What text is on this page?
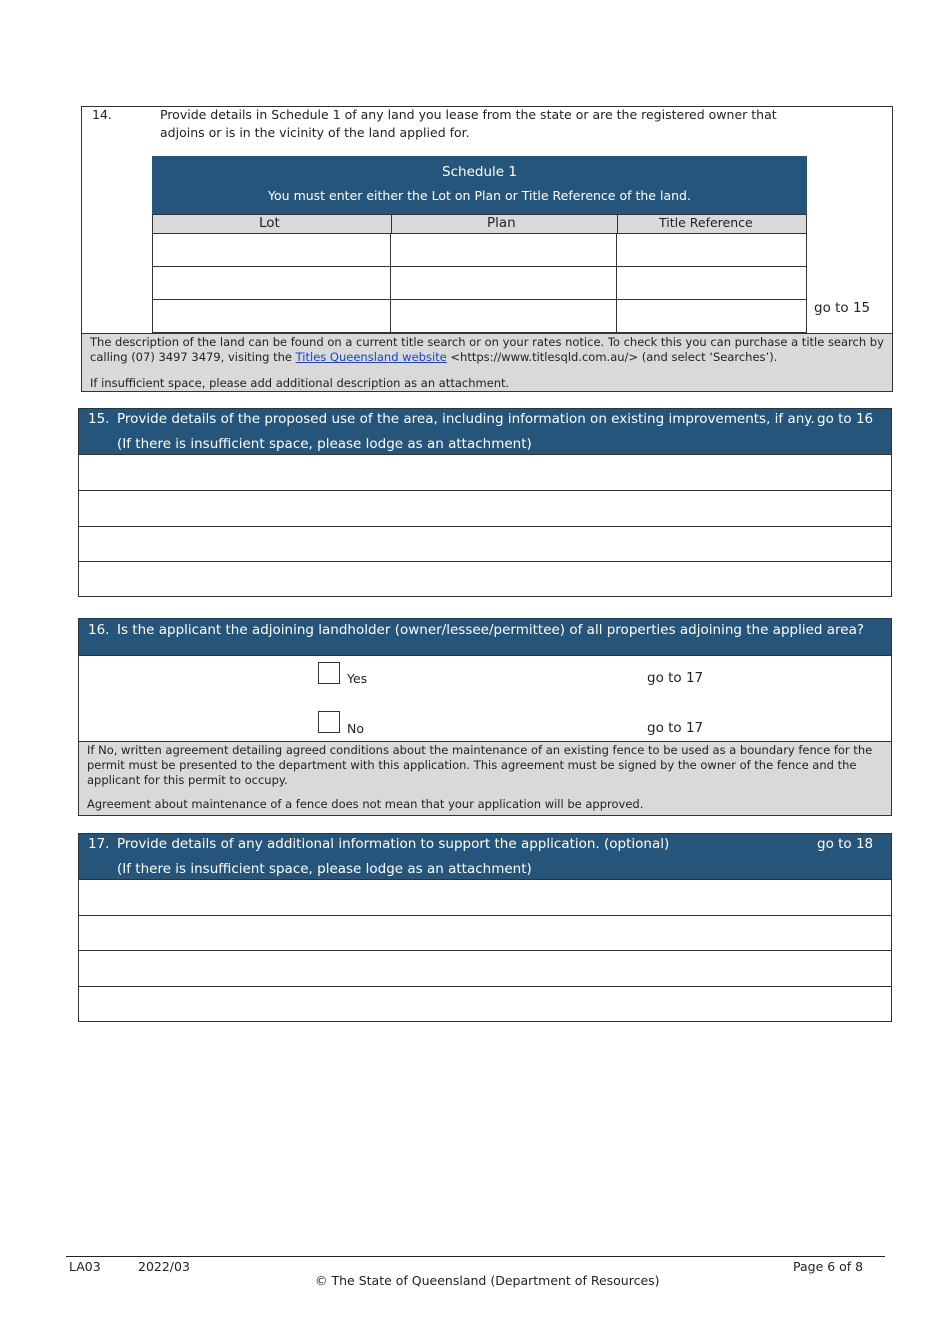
14.	Provide details in Schedule 1 of any land you lease from the state or are the registered owner that
adjoins or is in the vicinity of the land applied for.
Schedule 1
You must enter either the Lot on Plan or Title Reference of the land.
Lot	Plan	Title Reference
go to 15
The description of the land can be found on a current title search or on your rates notice. To check this you can purchase a title search by calling (07) 3497 3479, visiting the Titles Queensland website <https://www.titlesqld.com.au/> (and select ‘Searches’).
If insufficient space, please add additional description as an attachment.
15. Provide details of the proposed use of the area, including information on existing improvements, if any.
(If there is insufficient space, please lodge as an attachment)
go to 16
16. Is the applicant the adjoining landholder (owner/lessee/permittee) of all properties adjoining the applied area?
Yes	go to 17
No	go to 17
If No, written agreement detailing agreed conditions about the maintenance of an existing fence to be used as a boundary fence for the permit must be presented to the department with this application. This agreement must be signed by the owner of the fence and the applicant for this permit to occupy.
Agreement about maintenance of a fence does not mean that your application will be approved.
17. Provide details of any additional information to support the application. (optional)
(If there is insufficient space, please lodge as an attachment)
go to 18
LA03	2022/03	Page 6 of 8
© The State of Queensland (Department of Resources)
